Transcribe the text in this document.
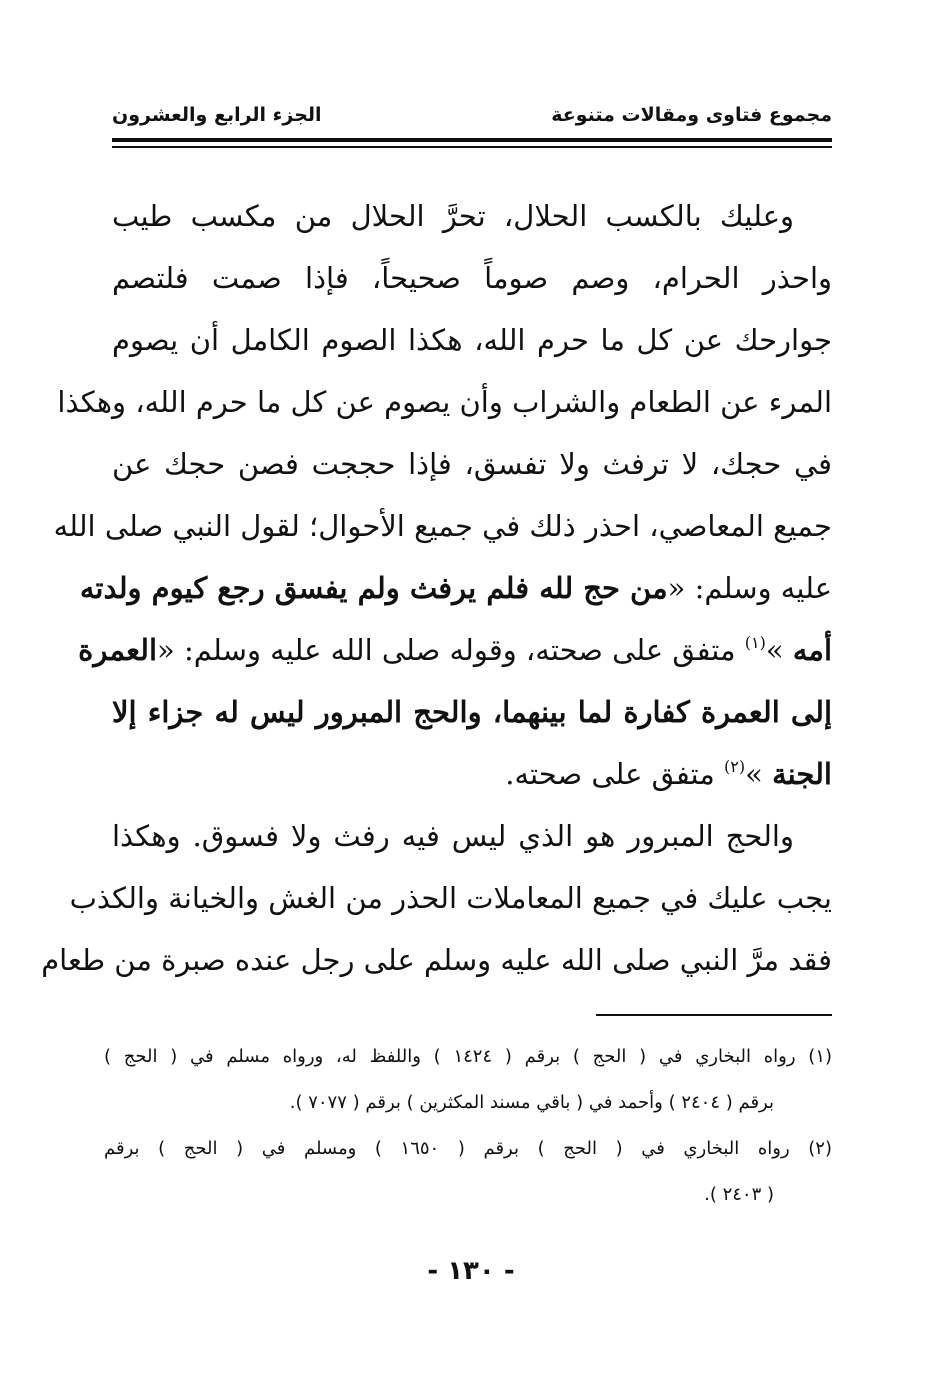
مجموع فتاوى ومقالات متنوعة
الجزء الرابع والعشرون
وعليك بالكسب الحلال، تحرَّ الحلال من مكسب طيب
واحذر الحرام، وصم صوماً صحيحاً، فإذا صمت فلتصم
جوارحك عن كل ما حرم الله، هكذا الصوم الكامل أن يصوم
المرء عن الطعام والشراب وأن يصوم عن كل ما حرم الله، وهكذا
في حجك، لا ترفث ولا تفسق، فإذا حججت فصن حجك عن
جميع المعاصي، احذر ذلك في جميع الأحوال؛ لقول النبي صلى الله
عليه وسلم: «من حج لله فلم يرفث ولم يفسق رجع كيوم ولدته
أمه »$^{(١)}$ متفق على صحته، وقوله صلى الله عليه وسلم: «العمرة
إلى العمرة كفارة لما بينهما، والحج المبرور ليس له جزاء إلا
الجنة »$^{(٢)}$ متفق على صحته.
والحج المبرور هو الذي ليس فيه رفث ولا فسوق. وهكذا
يجب عليك في جميع المعاملات الحذر من الغش والخيانة والكذب
فقد مرَّ النبي صلى الله عليه وسلم على رجل عنده صبرة من طعام
(١) رواه البخاري في ( الحج ) برقم ( ١٤٢٤ ) واللفظ له، ورواه مسلم في ( الحج )
برقم ( ٢٤٠٤ ) وأحمد في ( باقي مسند المكثرين ) برقم ( ٧٠٧٧ ).
(٢) رواه البخاري في ( الحج ) برقم ( ١٦٥٠ ) ومسلم في ( الحج ) برقم
( ٢٤٠٣ ).
- ١٣٠ -
